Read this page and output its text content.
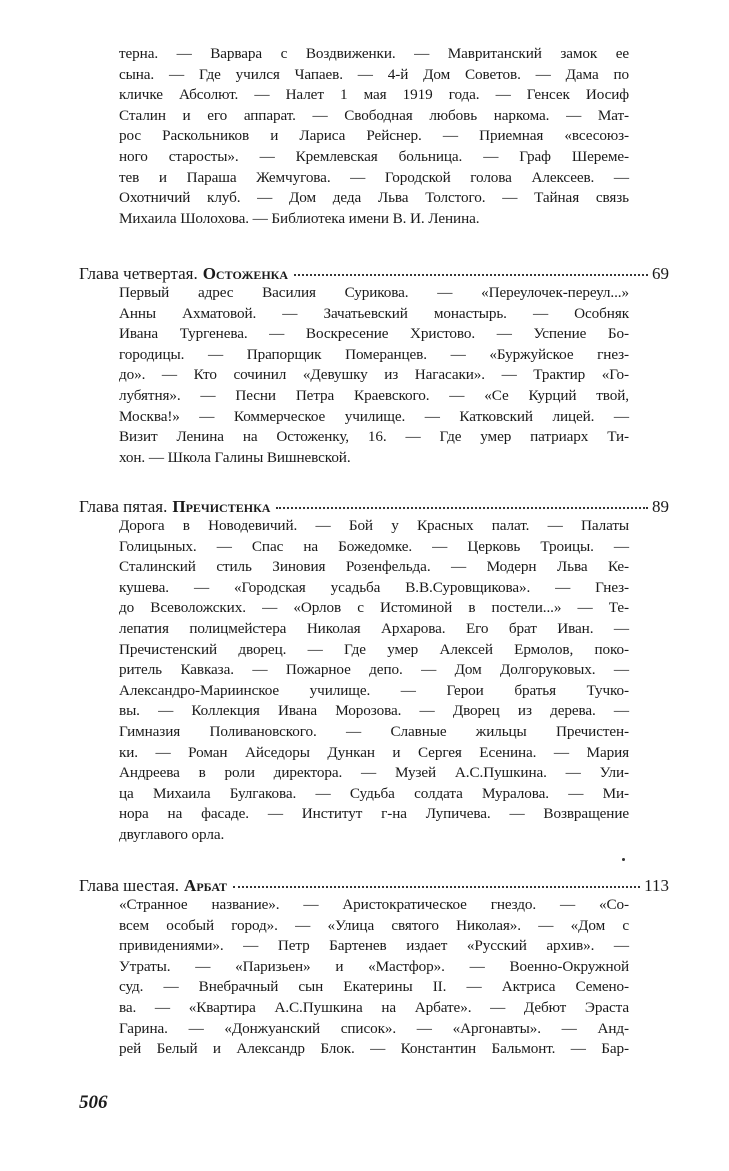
терна. — Варвара с Воздвиженки. — Мавританский замок ее
сына. — Где учился Чапаев. — 4-й Дом Советов. — Дама по
кличке Абсолют. — Налет 1 мая 1919 года. — Генсек Иосиф
Сталин и его аппарат. — Свободная любовь наркома. — Мат-
рос Раскольников и Лариса Рейснер. — Приемная «всесоюз-
ного старосты». — Кремлевская больница. — Граф Шереме-
тев и Параша Жемчугова. — Городской голова Алексеев. —
Охотничий клуб. — Дом деда Льва Толстого. — Тайная связь
Михаила Шолохова. — Библиотека имени В. И. Ленина.
Глава четвертая. Остоженка	69
Первый адрес Василия Сурикова. — «Переулочек-переул...»
Анны Ахматовой. — Зачатьевский монастырь. — Особняк
Ивана Тургенева. — Воскресение Христово. — Успение Бо-
городицы. — Прапорщик Померанцев. — «Буржуйское гнез-
до». — Кто сочинил «Девушку из Нагасаки». — Трактир «Го-
лубятня». — Песни Петра Краевского. — «Се Курций твой,
Москва!» — Коммерческое училище. — Катковский лицей. —
Визит Ленина на Остоженку, 16. — Где умер патриарх Ти-
хон. — Школа Галины Вишневской.
Глава пятая. Пречистенка	89
Дорога в Новодевичий. — Бой у Красных палат. — Палаты
Голицыных. — Спас на Божедомке. — Церковь Троицы. —
Сталинский стиль Зиновия Розенфельда. — Модерн Льва Ке-
кушева. — «Городская усадьба В.В.Суровщикова». — Гнез-
до Всеволожских. — «Орлов с Истоминой в постели...» — Те-
лепатия полицмейстера Николая Архарова. Его брат Иван. —
Пречистенский дворец. — Где умер Алексей Ермолов, поко-
ритель Кавказа. — Пожарное депо. — Дом Долгоруковых. —
Александро-Мариинское училище. — Герои братья Тучко-
вы. — Коллекция Ивана Морозова. — Дворец из дерева. —
Гимназия Поливановского. — Славные жильцы Пречистен-
ки. — Роман Айседоры Дункан и Сергея Есенина. — Мария
Андреева в роли директора. — Музей А.С.Пушкина. — Ули-
ца Михаила Булгакова. — Судьба солдата Муралова. — Ми-
нора на фасаде. — Институт г-на Лупичева. — Возвращение
двуглавого орла.
Глава шестая. Арбат	113
«Странное название». — Аристократическое гнездо. — «Со-
всем особый город». — «Улица святого Николая». — «Дом с
привидениями». — Петр Бартенев издает «Русский архив». —
Утраты. — «Паризьен» и «Мастфор». — Военно-Окружной
суд. — Внебрачный сын Екатерины II. — Актриса Семено-
ва. — «Квартира А.С.Пушкина на Арбате». — Дебют Эраста
Гарина. — «Донжуанский список». — «Аргонавты». — Анд-
рей Белый и Александр Блок. — Константин Бальмонт. — Бар-
506
